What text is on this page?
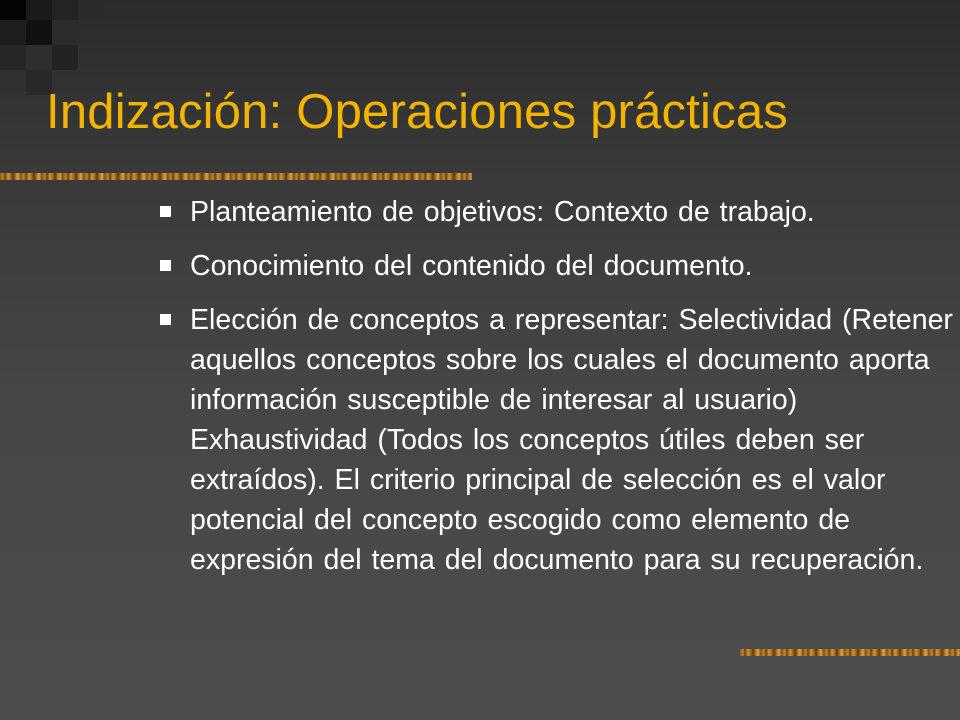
Indización: Operaciones prácticas
Planteamiento de objetivos: Contexto de trabajo.
Conocimiento del contenido del documento.
Elección de conceptos a representar: Selectividad (Retener aquellos conceptos sobre los cuales el documento aporta información susceptible de interesar al usuario) Exhaustividad (Todos los conceptos útiles deben ser extraídos). El criterio principal de selección es el valor potencial del concepto escogido como elemento de expresión del tema del documento para su recuperación.
